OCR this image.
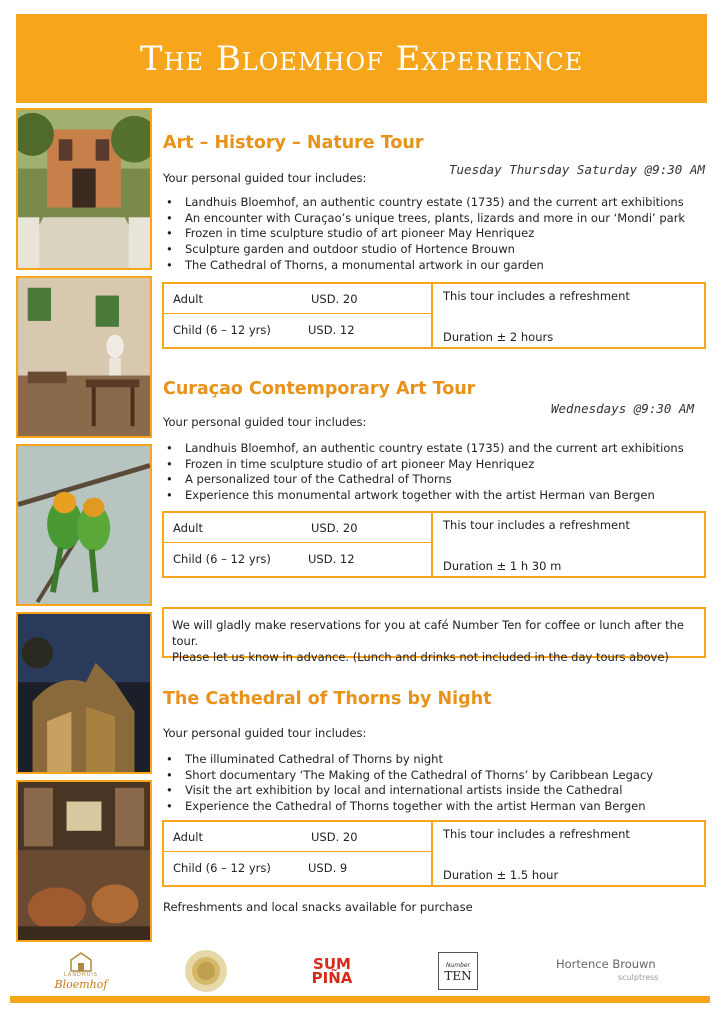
The Bloemhof Experience
Art – History – Nature Tour
Tuesday Thursday Saturday @9:30 AM
Your personal guided tour includes:
• Landhuis Bloemhof, an authentic country estate (1735) and the current art exhibitions
• An encounter with Curaçao’s unique trees, plants, lizards and more in our ‘Mondi’ park
• Frozen in time sculpture studio of art pioneer May Henriquez
• Sculpture garden and outdoor studio of Hortence Brouwn
• The Cathedral of Thorns, a monumental artwork in our garden
Adult	USD. 20
Child (6 – 12 yrs)	USD. 12
This tour includes a refreshment
Duration ± 2 hours
Curaçao Contemporary Art Tour
Wednesdays @9:30 AM
Your personal guided tour includes:
• Landhuis Bloemhof, an authentic country estate (1735) and the current art exhibitions
• Frozen in time sculpture studio of art pioneer May Henriquez
• A personalized tour of the Cathedral of Thorns
• Experience this monumental artwork together with the artist Herman van Bergen
Adult	USD. 20
Child (6 – 12 yrs)	USD. 12
This tour includes a refreshment
Duration ± 1 h 30 m
We will gladly make reservations for you at café Number Ten for coffee or lunch after the tour.
Please let us know in advance. (Lunch and drinks not included in the day tours above)
The Cathedral of Thorns by Night
Your personal guided tour includes:
• The illuminated Cathedral of Thorns by night
• Short documentary ‘The Making of the Cathedral of Thorns’ by Caribbean Legacy
• Visit the art exhibition by local and international artists inside the Cathedral
• Experience the Cathedral of Thorns together with the artist Herman van Bergen
Adult	USD. 20
Child (6 – 12 yrs)	USD. 9
This tour includes a refreshment
Duration ± 1.5 hour
Refreshments and local snacks available for purchase
LANDHUIS
Bloemhof
SUM
PIÑA
Number
TEN
Hortence Brouwn
sculptress
